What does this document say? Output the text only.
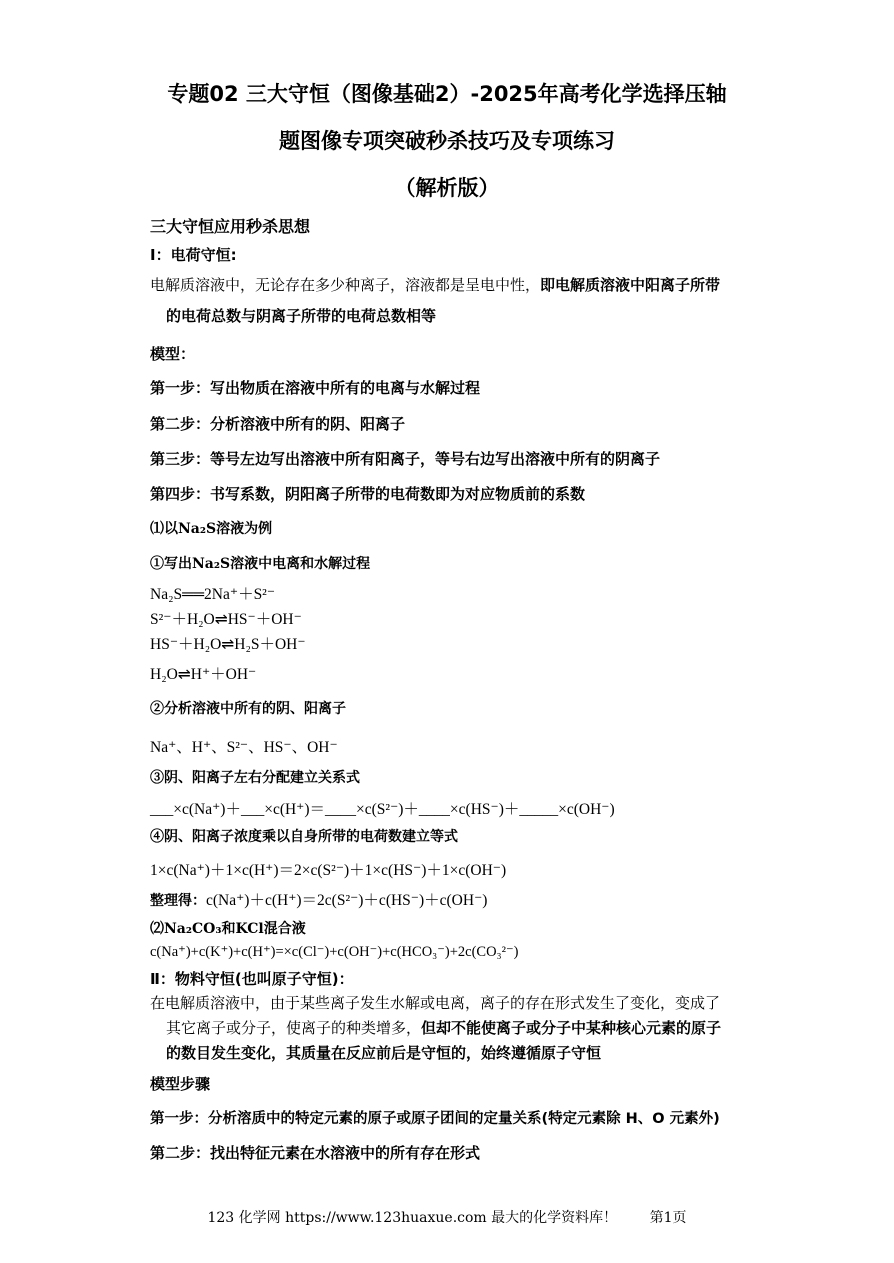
专题02 三大守恒（图像基础2）-2025年高考化学选择压轴
题图像专项突破秒杀技巧及专项练习
（解析版）
三大守恒应用秒杀思想
Ⅰ：电荷守恒:
电解质溶液中，无论存在多少种离子，溶液都是呈电中性，即电解质溶液中阳离子所带
的电荷总数与阴离子所带的电荷总数相等
模型：
第一步：写出物质在溶液中所有的电离与水解过程
第二步：分析溶液中所有的阴、阳离子
第三步：等号左边写出溶液中所有阳离子，等号右边写出溶液中所有的阴离子
第四步：书写系数，阴阳离子所带的电荷数即为对应物质前的系数
⑴以Na₂S溶液为例
①写出Na₂S溶液中电离和水解过程
Na₂S══2Na⁺＋S²⁻
S²⁻＋H₂O⇌HS⁻＋OH⁻
HS⁻＋H₂O⇌H₂S＋OH⁻
H₂O⇌H⁺＋OH⁻
②分析溶液中所有的阴、阳离子
Na⁺、H⁺、S²⁻、HS⁻、OH⁻
③阴、阳离子左右分配建立关系式
___×c(Na⁺)＋___×c(H⁺)＝____×c(S²⁻)＋____×c(HS⁻)＋_____×c(OH⁻)
④阴、阳离子浓度乘以自身所带的电荷数建立等式
1×c(Na⁺)＋1×c(H⁺)＝2×c(S²⁻)＋1×c(HS⁻)＋1×c(OH⁻)
整理得：c(Na⁺)＋c(H⁺)＝2c(S²⁻)＋c(HS⁻)＋c(OH⁻)
⑵Na₂CO₃和KCl混合液
c(Na⁺)+c(K⁺)+c(H⁺)=×c(Cl⁻)+c(OH⁻)+c(HCO₃⁻)+2c(CO₃²⁻)
Ⅱ：物料守恒(也叫原子守恒)：
在电解质溶液中，由于某些离子发生水解或电离，离子的存在形式发生了变化，变成了
其它离子或分子，使离子的种类增多，但却不能使离子或分子中某种核心元素的原子
的数目发生变化，其质量在反应前后是守恒的，始终遵循原子守恒
模型步骤
第一步：分析溶质中的特定元素的原子或原子团间的定量关系(特定元素除 H、O 元素外)
第二步：找出特征元素在水溶液中的所有存在形式
123 化学网 https://www.123huaxue.com 最大的化学资料库！ 第1页
